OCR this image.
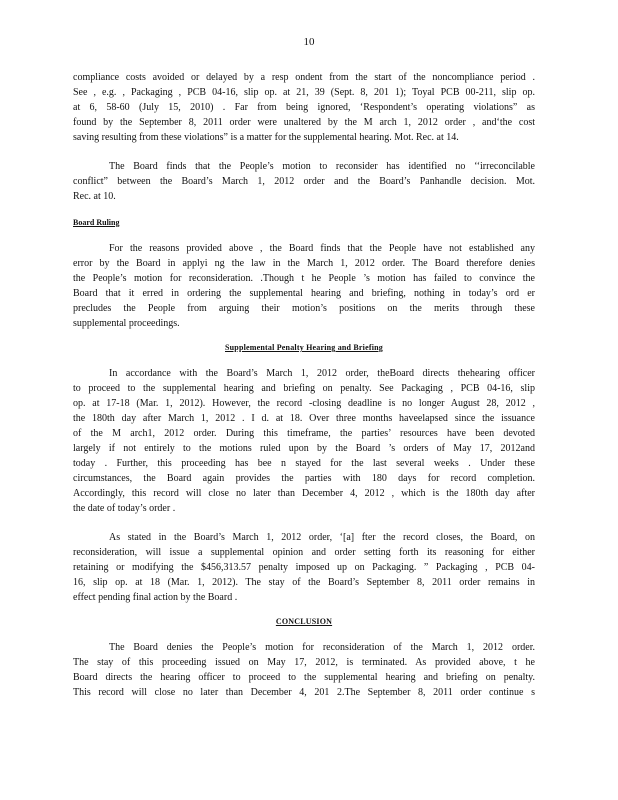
10
compliance costs avoided or delayed by a resp ondent from the start of the noncompliance period .
See , e.g. , Packaging , PCB 04-16, slip op. at 21, 39 (Sept. 8, 201 1); Toyal PCB 00-211, slip op.
at 6, 58-60 (July 15, 2010) . Far from being ignored, ‘Respondent’s operating violations” as
found by the September 8, 2011 order were unaltered by the M arch 1, 2012 order , and‘the cost
saving resulting from these violations” is a matter for the supplemental hearing. Mot. Rec. at 14.
The Board finds that the People’s motion to reconsider has identified no ‘‘irreconcilable
conflict” between the Board’s March 1, 2012 order and the Board’s Panhandle decision. Mot.
Rec. at 10.

Board Ruling

For the reasons provided above , the Board finds that the People have not established any
error by the Board in applyi ng the law in the March 1, 2012 order. The Board therefore denies
the People’s motion for reconsideration. .Though t he People ’s motion has failed to convince the
Board that it erred in ordering the supplemental hearing and briefing, nothing in today’s ord er
precludes the People from arguing their motion’s positions on the merits through these
supplemental proceedings.

Supplemental Penalty Hearing and Briefing

In accordance with the Board’s March 1, 2012 order, theBoard directs thehearing officer
to proceed to the supplemental hearing and briefing on penalty. See Packaging , PCB 04-16, slip
op. at 17-18 (Mar. 1, 2012). However, the record -closing deadline is no longer August 28, 2012 ,
the 180th day after March 1, 2012 . I d. at 18. Over three months haveelapsed since the issuance
of the M arch1, 2012 order. During this timeframe, the parties’ resources have been devoted
largely if not entirely to the motions ruled upon by the Board ’s orders of May 17, 2012and
today . Further, this proceeding has bee n stayed for the last several weeks . Under these
circumstances, the Board again provides the parties with 180 days for record completion.
Accordingly, this record will close no later than December 4, 2012 , which is the 180th day after
the date of today’s order .
As stated in the Board’s March 1, 2012 order, ‘[a] fter the record closes, the Board, on
reconsideration, will issue a supplemental opinion and order setting forth its reasoning for either
retaining or modifying the $456,313.57 penalty imposed up on Packaging. ” Packaging , PCB 04-
16, slip op. at 18 (Mar. 1, 2012). The stay of the Board’s September 8, 2011 order remains in
effect pending final action by the Board .

CONCLUSION

The Board denies the People’s motion for reconsideration of the March 1, 2012 order.
The stay of this proceeding issued on May 17, 2012, is terminated. As provided above, t he
Board directs the hearing officer to proceed to the supplemental hearing and briefing on penalty.
This record will close no later than December 4, 201 2.The September 8, 2011 order continue s
